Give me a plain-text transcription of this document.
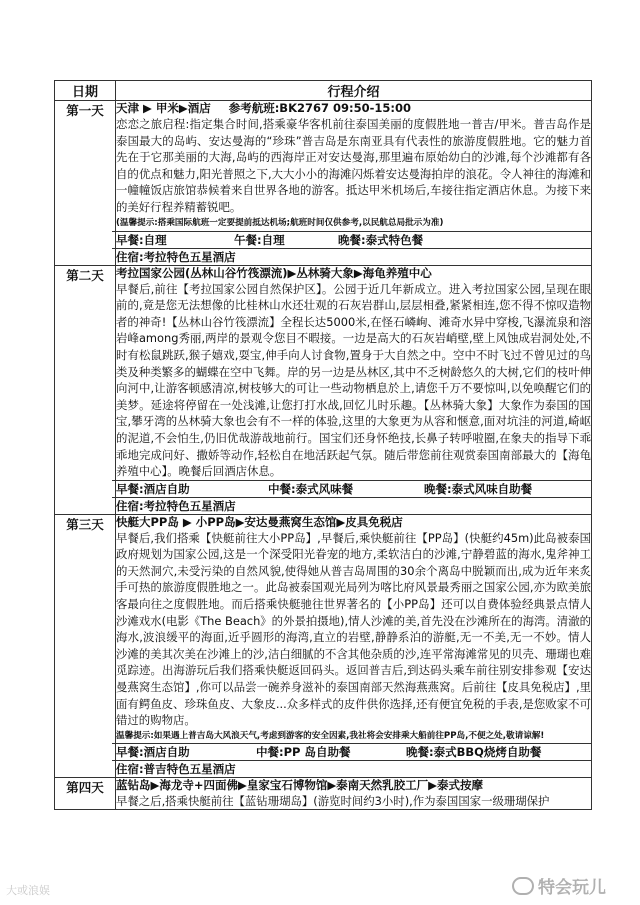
日期	行程介绍
第一天	天津 ▶ 甲米▶酒店 参考航班:BK2767 09:50-15:00
恋恋之旅启程:指定集合时间,搭乘豪华客机前往泰国美丽的度假胜地一普吉/甲米。普吉岛作是泰国最大的岛屿、安达曼海的“珍珠”普吉岛是东南亚具有代表性的旅游度假胜地。它的魅力首先在于它那美丽的大海,岛屿的西海岸正对安达曼海,那里遍布原始幼白的沙滩,每个沙滩都有各自的优点和魅力,阳光普照之下,大大小小的海滩闪烁着安达曼海拍岸的浪花。令人神往的海滩和一幢幢饭店旅馆恭候着来自世界各地的游客。抵达甲米机场后,车接往指定酒店休息。为接下来的美好行程养精蓄锐吧。
(温馨提示:搭乘国际航班一定要提前抵达机场;航班时间仅供参考,以民航总局批示为准)
早餐:自理 午餐:自理 晚餐:泰式特色餐
住宿:考拉特色五星酒店

第二天	考拉国家公园(丛林山谷竹筏漂流)▶丛林骑大象▶海龟养殖中心
早餐后,前往【考拉国家公园自然保护区】。公园于近几年新成立。进入考拉国家公园,呈现在眼前的,竟是您无法想像的比桂林山水还壮观的石灰岩群山,层层相叠,紧紧相连,您不得不惊叹造物者的神奇!【丛林山谷竹筏漂流】全程长达5000米,在怪石嶙峋、滩奇水异中穿梭,飞瀑流泉和溶岩峰among秀丽,两岸的景观令您目不暇接。一边是高大的石灰岩峭壁,壁上风蚀成岩洞处处,不时有松鼠跳跃,猴子嬉戏,耍宝,伸手向人讨食物,置身于大自然之中。空中不时飞过不曾见过的鸟类及种类繁多的蝴蝶在空中飞舞。岸的另一边是丛林区,其中不乏树龄悠久的大树,它们的枝叶伸向河中,让游客顿感清凉,树枝够大的可让一些动物栖息於上,请您千万不要惊叫,以免唤醒它们的美梦。延途将停留在一处浅滩,让您打打水战,回忆儿时乐趣。【丛林骑大象】大象作为泰国的国宝,攀牙湾的丛林骑大象也会有不一样的体验,这里的大象更为从容和惬意,面对坑洼的河道,崎岖的泥道,不会怕生,仍旧优哉游哉地前行。国宝们还身怀绝技,长鼻子转呼啦圈,在象夫的指导下乖乖地完成问好、撒娇等动作,轻松自在地活跃起气氛。随后带您前往观赏泰国南部最大的【海龟养殖中心】。晚餐后回酒店休息。
早餐:酒店自助 中餐:泰式风味餐 晚餐:泰式风味自助餐
住宿:考拉特色五星酒店

第三天	快艇大PP岛 ▶ 小PP岛▶安达曼燕窝生态馆▶皮具免税店
早餐后,我们搭乘【快艇前往大小PP岛】,早餐后,乘快艇前往【PP岛】(快艇约45m)此岛被泰国政府规划为国家公园,这是一个深受阳光眷宠的地方,柔软洁白的沙滩,宁静碧蓝的海水,鬼斧神工的天然洞穴,未受污染的自然风貌,使得她从普吉岛周围的30余个离岛中脱颖而出,成为近年来炙手可热的旅游度假胜地之一。此岛被泰国观光局列为喀比府风景最秀丽之国家公园,亦为欧美旅客最向往之度假胜地。而后搭乘快艇驰往世界著名的【小PP岛】还可以自费体验经典景点情人沙滩戏水(电影《The Beach》的外景拍摄地),情人沙滩的美,首先没在沙滩所在的海湾。清澈的海水,波浪缓平的海面,近乎圆形的海湾,直立的岩壁,静静系泊的游艇,无一不美,无一不妙。情人沙滩的美其次美在沙滩上的沙,洁白细腻的不含其他杂质的沙,连平常海滩常见的贝壳、珊瑚也难觅踪迹。出海游玩后我们搭乘快艇返回码头。返回普吉后,到达码头乘车前往别安排参观【安达曼燕窝生态馆】,你可以品尝一碗养身滋补的泰国南部天然海燕燕窝。后前往【皮具免税店】,里面有鳄鱼皮、珍珠鱼皮、大象皮...众多样式的皮件供你选择,还有便宜免税的手表,是您败家不可错过的购物店。
温馨提示:如果遇上普吉岛大风浪天气,考虑到游客的安全因素,我社将会安排乘大船前往PP岛,不便之处,敬请谅解!
早餐:酒店自助 中餐:PP 岛自助餐 晚餐:泰式BBQ烧烤自助餐
住宿:普吉特色五星酒店

第四天	蓝钻岛▶海龙寺+四面佛▶皇家宝石博物馆▶泰南天然乳胶工厂▶泰式按摩
早餐之后,搭乘快艇前往【蓝钻珊瑚岛】(游览时间约3小时),作为泰国国家一级珊瑚保护
大或浪娱	特会玩儿
